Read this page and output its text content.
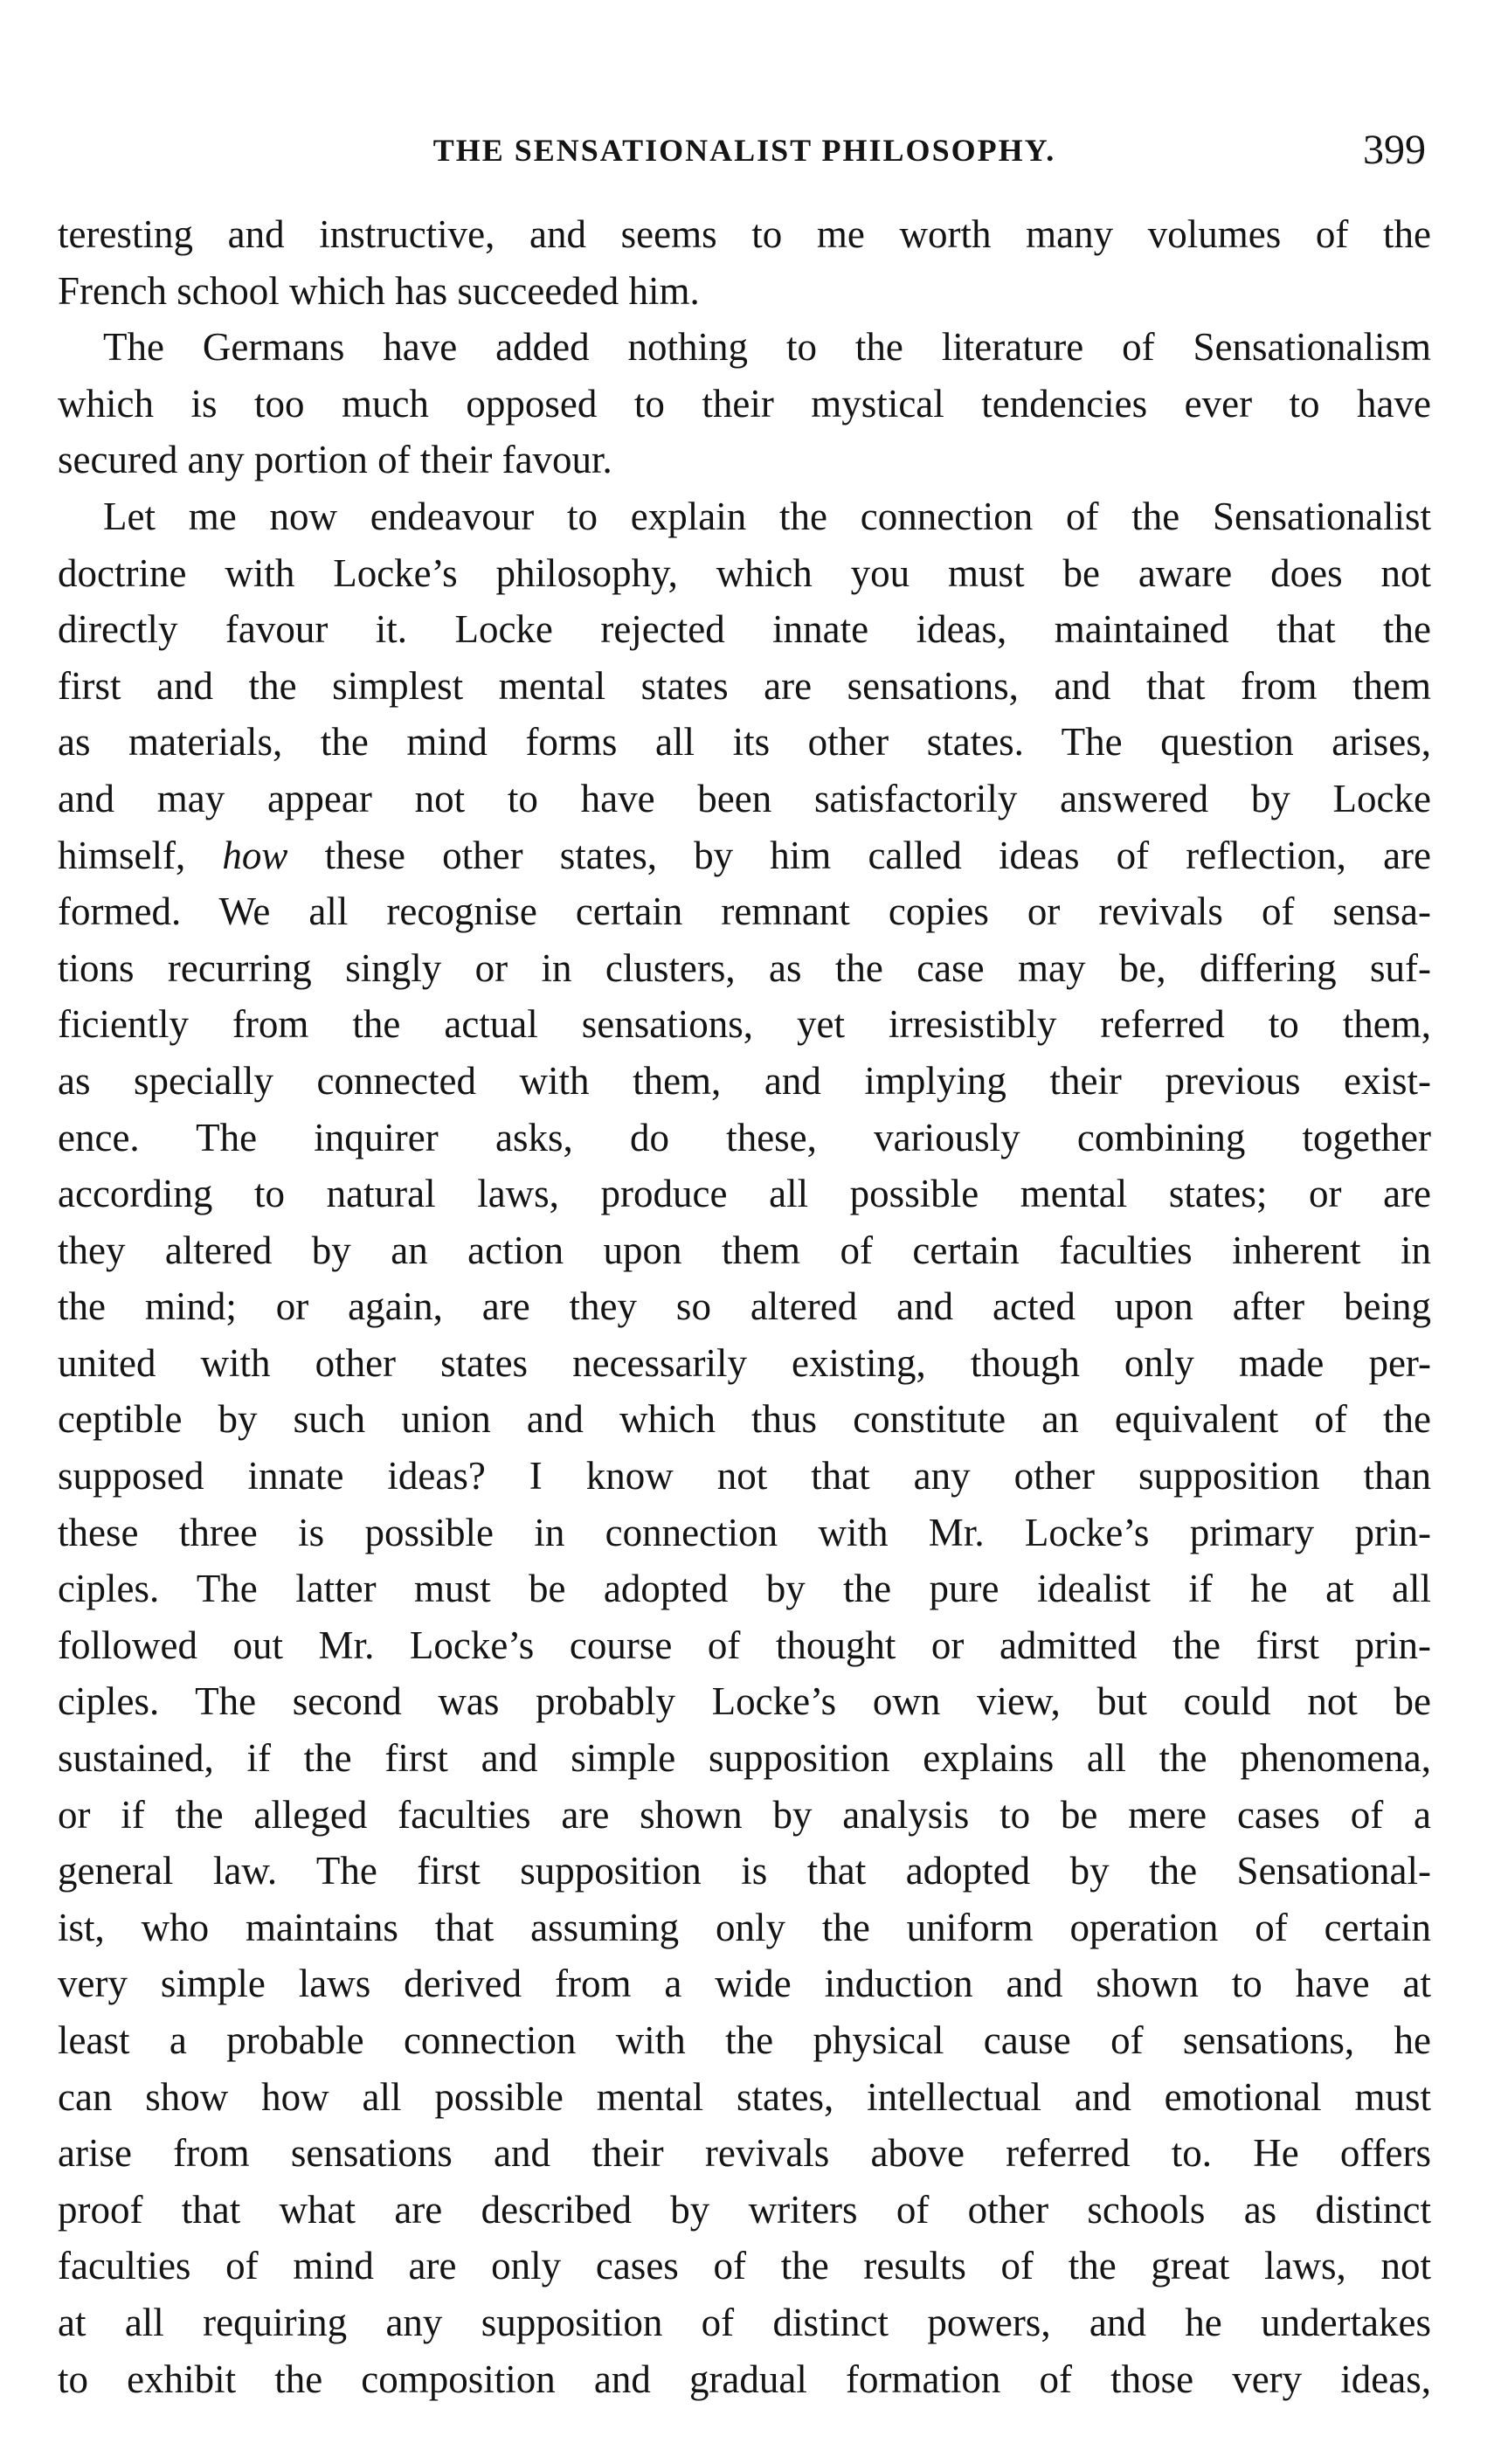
THE SENSATIONALIST PHILOSOPHY.	399

teresting and instructive, and seems to me worth many volumes of the
French school which has succeeded him.

The Germans have added nothing to the literature of Sensationalism
which is too much opposed to their mystical tendencies ever to have
secured any portion of their favour.

Let me now endeavour to explain the connection of the Sensationalist
doctrine with Locke’s philosophy, which you must be aware does not
directly favour it. Locke rejected innate ideas, maintained that the
first and the simplest mental states are sensations, and that from them
as materials, the mind forms all its other states. The question arises,
and may appear not to have been satisfactorily answered by Locke
himself, how these other states, by him called ideas of reflection, are
formed. We all recognise certain remnant copies or revivals of sensa-
tions recurring singly or in clusters, as the case may be, differing suf-
ficiently from the actual sensations, yet irresistibly referred to them,
as specially connected with them, and implying their previous exist-
ence. The inquirer asks, do these, variously combining together
according to natural laws, produce all possible mental states; or are
they altered by an action upon them of certain faculties inherent in
the mind; or again, are they so altered and acted upon after being
united with other states necessarily existing, though only made per-
ceptible by such union and which thus constitute an equivalent of the
supposed innate ideas? I know not that any other supposition than
these three is possible in connection with Mr. Locke’s primary prin-
ciples. The latter must be adopted by the pure idealist if he at all
followed out Mr. Locke’s course of thought or admitted the first prin-
ciples. The second was probably Locke’s own view, but could not be
sustained, if the first and simple supposition explains all the phenomena,
or if the alleged faculties are shown by analysis to be mere cases of a
general law. The first supposition is that adopted by the Sensational-
ist, who maintains that assuming only the uniform operation of certain
very simple laws derived from a wide induction and shown to have at
least a probable connection with the physical cause of sensations, he
can show how all possible mental states, intellectual and emotional must
arise from sensations and their revivals above referred to. He offers
proof that what are described by writers of other schools as distinct
faculties of mind are only cases of the results of the great laws, not
at all requiring any supposition of distinct powers, and he undertakes
to exhibit the composition and gradual formation of those very ideas,
